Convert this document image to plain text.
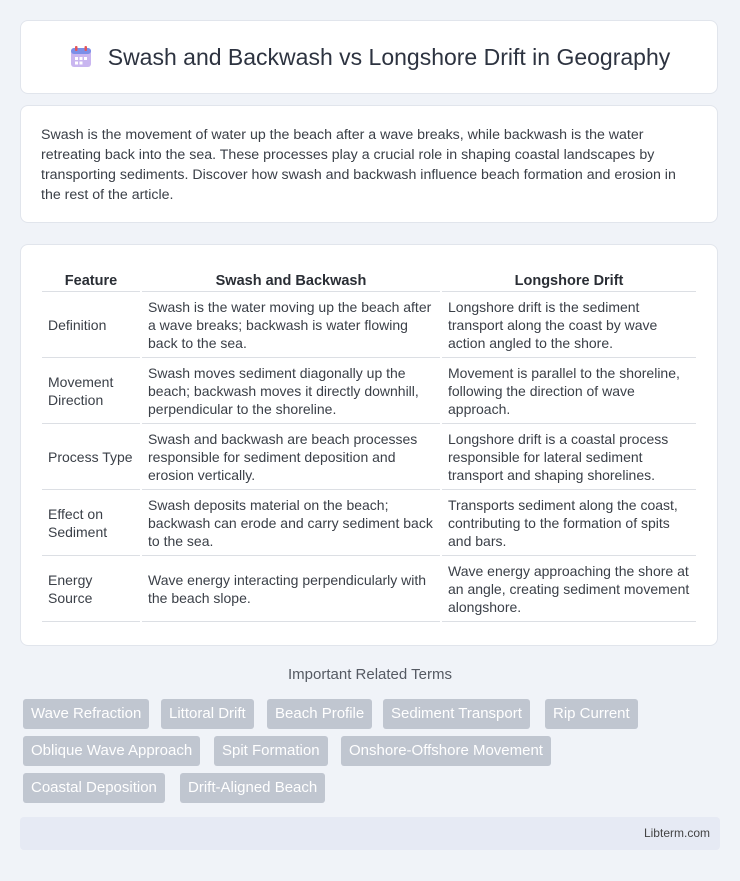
Swash and Backwash vs Longshore Drift in Geography
Swash is the movement of water up the beach after a wave breaks, while backwash is the water retreating back into the sea. These processes play a crucial role in shaping coastal landscapes by transporting sediments. Discover how swash and backwash influence beach formation and erosion in the rest of the article.
Feature	Swash and Backwash	Longshore Drift
Definition	Swash is the water moving up the beach after a wave breaks; backwash is water flowing back to the sea.	Longshore drift is the sediment transport along the coast by wave action angled to the shore.
Movement Direction	Swash moves sediment diagonally up the beach; backwash moves it directly downhill, perpendicular to the shoreline.	Movement is parallel to the shoreline, following the direction of wave approach.
Process Type	Swash and backwash are beach processes responsible for sediment deposition and erosion vertically.	Longshore drift is a coastal process responsible for lateral sediment transport and shaping shorelines.
Effect on Sediment	Swash deposits material on the beach; backwash can erode and carry sediment back to the sea.	Transports sediment along the coast, contributing to the formation of spits and bars.
Energy Source	Wave energy interacting perpendicularly with the beach slope.	Wave energy approaching the shore at an angle, creating sediment movement alongshore.
Important Related Terms
Wave Refraction	Littoral Drift	Beach Profile	Sediment Transport	Rip Current
Oblique Wave Approach	Spit Formation	Onshore-Offshore Movement
Coastal Deposition	Drift-Aligned Beach
Libterm.com
